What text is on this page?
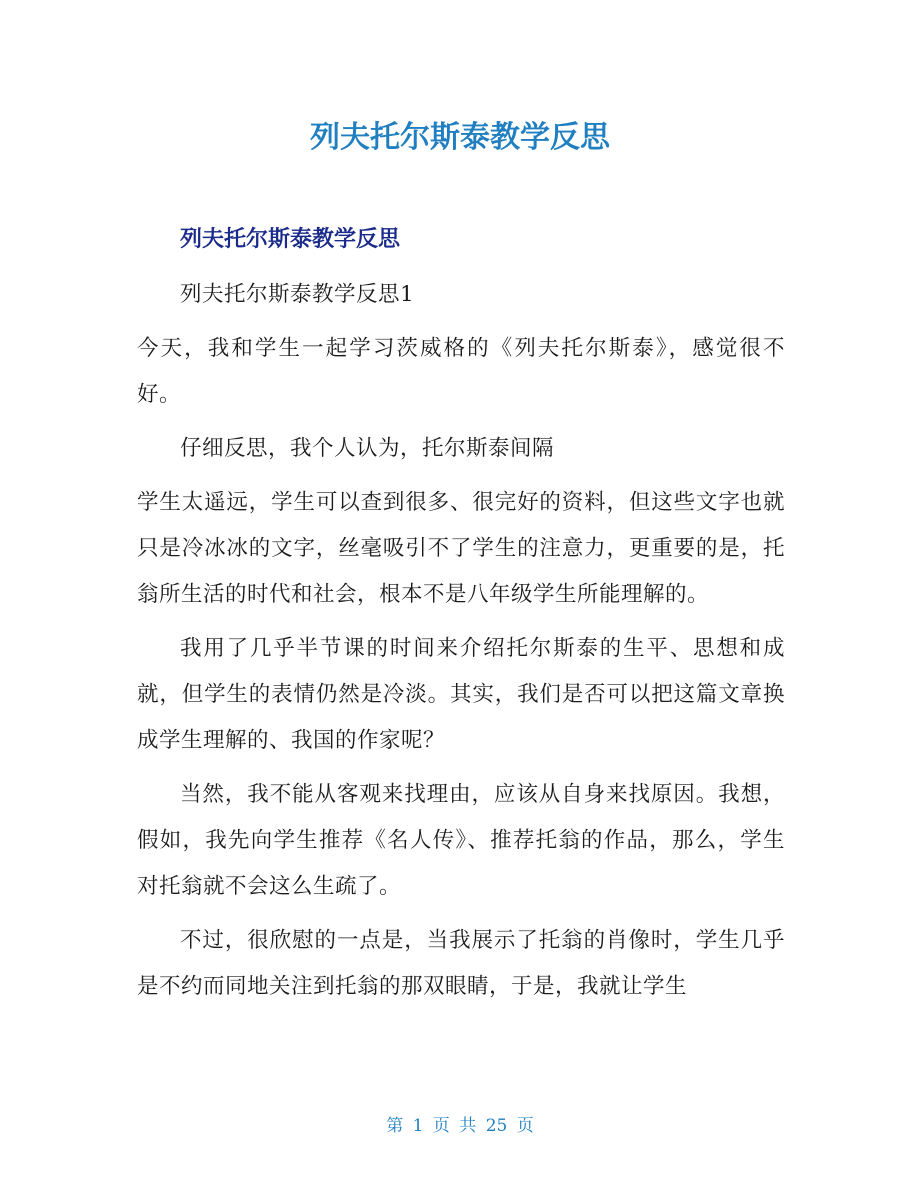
列夫托尔斯泰教学反思
列夫托尔斯泰教学反思

列夫托尔斯泰教学反思1

今天，我和学生一起学习茨威格的《列夫托尔斯泰》，感觉很不好。

仔细反思，我个人认为，托尔斯泰间隔

学生太遥远，学生可以查到很多、很完好的资料，但这些文字也就只是冷冰冰的文字，丝毫吸引不了学生的注意力，更重要的是，托翁所生活的时代和社会，根本不是八年级学生所能理解的。

我用了几乎半节课的时间来介绍托尔斯泰的生平、思想和成就，但学生的表情仍然是冷淡。其实，我们是否可以把这篇文章换成学生理解的、我国的作家呢？

当然，我不能从客观来找理由，应该从自身来找原因。我想，假如，我先向学生推荐《名人传》、推荐托翁的作品，那么，学生对托翁就不会这么生疏了。

不过，很欣慰的一点是，当我展示了托翁的肖像时，学生几乎是不约而同地关注到托翁的那双眼睛，于是，我就让学生

第 1 页 共 25 页
